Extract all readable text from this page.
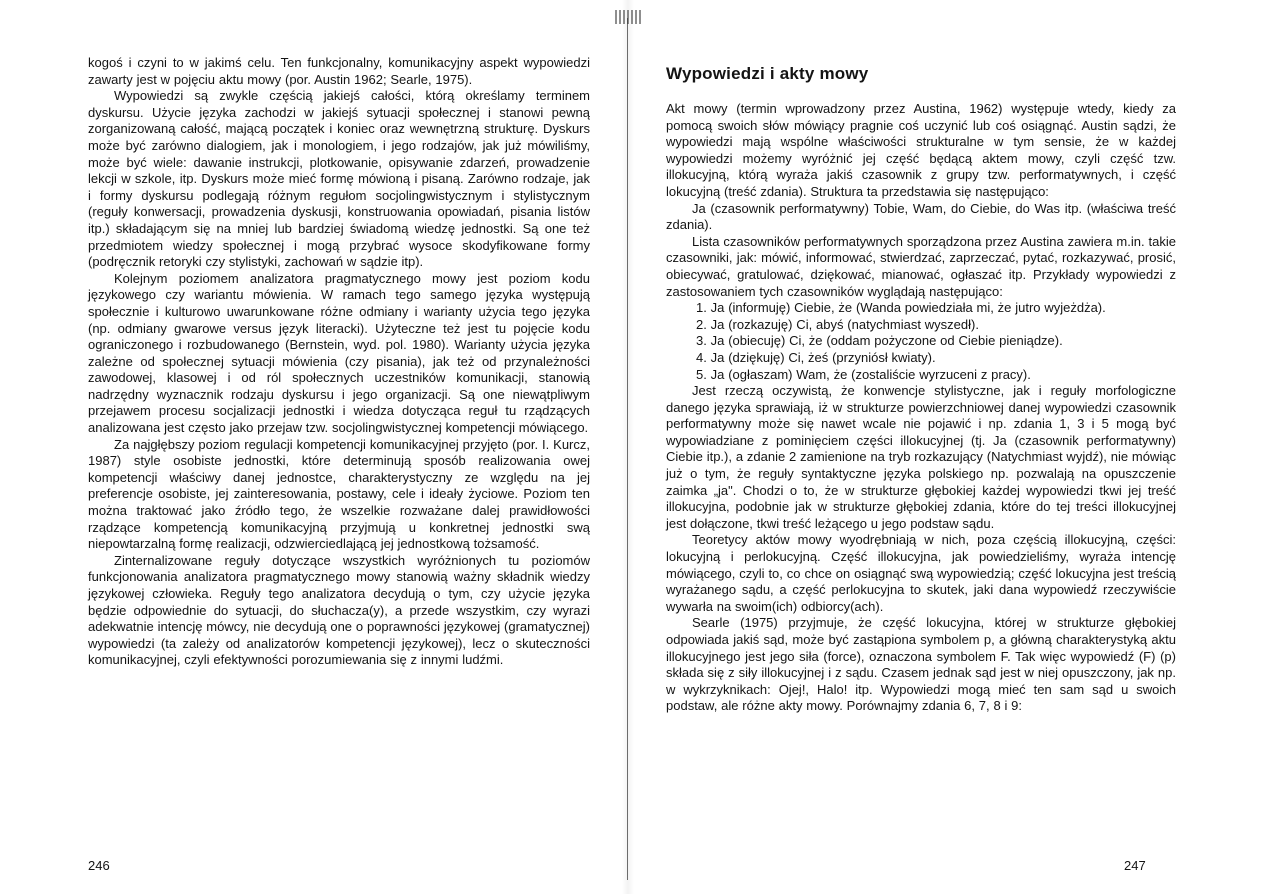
kogoś i czyni to w jakimś celu. Ten funkcjonalny, komunikacyjny aspekt wypowiedzi zawarty jest w pojęciu aktu mowy (por. Austin 1962; Searle, 1975).

Wypowiedzi są zwykle częścią jakiejś całości, którą określamy terminem dyskursu. Użycie języka zachodzi w jakiejś sytuacji społecznej i stanowi pewną zorganizowaną całość, mającą początek i koniec oraz wewnętrzną strukturę. Dyskurs może być zarówno dialogiem, jak i monologiem, i jego rodzajów, jak już mówiliśmy, może być wiele: dawanie instrukcji, plotkowanie, opisywanie zdarzeń, prowadzenie lekcji w szkole, itp. Dyskurs może mieć formę mówioną i pisaną. Zarówno rodzaje, jak i formy dyskursu podlegają różnym regułom socjolingwistycznym i stylistycznym (reguły konwersacji, prowadzenia dyskusji, konstruowania opowiadań, pisania listów itp.) składającym się na mniej lub bardziej świadomą wiedzę jednostki. Są one też przedmiotem wiedzy społecznej i mogą przybrać wysoce skodyfikowane formy (podręcznik retoryki czy stylistyki, zachowań w sądzie itp).

Kolejnym poziomem analizatora pragmatycznego mowy jest poziom kodu językowego czy wariantu mówienia. W ramach tego samego języka występują społecznie i kulturowo uwarunkowane różne odmiany i warianty użycia tego języka (np. odmiany gwarowe versus język literacki). Użyteczne też jest tu pojęcie kodu ograniczonego i rozbudowanego (Bernstein, wyd. pol. 1980). Warianty użycia języka zależne od społecznej sytuacji mówienia (czy pisania), jak też od przynależności zawodowej, klasowej i od ról społecznych uczestników komunikacji, stanowią nadrzędny wyznacznik rodzaju dyskursu i jego organizacji. Są one niewątpliwym przejawem procesu socjalizacji jednostki i wiedza dotycząca reguł tu rządzących analizowana jest często jako przejaw tzw. socjolingwistycznej kompetencji mówiącego.

Za najgłębszy poziom regulacji kompetencji komunikacyjnej przyjęto (por. I. Kurcz, 1987) style osobiste jednostki, które determinują sposób realizowania owej kompetencji właściwy danej jednostce, charakterystyczny ze względu na jej preferencje osobiste, jej zainteresowania, postawy, cele i ideały życiowe. Poziom ten można traktować jako źródło tego, że wszelkie rozważane dalej prawidłowości rządzące kompetencją komunikacyjną przyjmują u konkretnej jednostki swą niepowtarzalną formę realizacji, odzwierciedlającą jej jednostkową tożsamość.

Zinternalizowane reguły dotyczące wszystkich wyróżnionych tu poziomów funkcjonowania analizatora pragmatycznego mowy stanowią ważny składnik wiedzy językowej człowieka. Reguły tego analizatora decydują o tym, czy użycie języka będzie odpowiednie do sytuacji, do słuchacza(y), a przede wszystkim, czy wyrazi adekwatnie intencję mówcy, nie decydują one o poprawności językowej (gramatycznej) wypowiedzi (ta zależy od analizatorów kompetencji językowej), lecz o skuteczności komunikacyjnej, czyli efektywności porozumiewania się z innymi ludźmi.

246
Wypowiedzi i akty mowy

Akt mowy (termin wprowadzony przez Austina, 1962) występuje wtedy, kiedy za pomocą swoich słów mówiący pragnie coś uczynić lub coś osiągnąć. Austin sądzi, że wypowiedzi mają wspólne właściwości strukturalne w tym sensie, że w każdej wypowiedzi możemy wyróżnić jej część będącą aktem mowy, czyli część tzw. illokucyjną, którą wyraża jakiś czasownik z grupy tzw. performatywnych, i część lokucyjną (treść zdania). Struktura ta przedstawia się następująco:

Ja (czasownik performatywny) Tobie, Wam, do Ciebie, do Was itp. (właściwa treść zdania).

Lista czasowników performatywnych sporządzona przez Austina zawiera m.in. takie czasowniki, jak: mówić, informować, stwierdzać, zaprzeczać, pytać, rozkazywać, prosić, obiecywać, gratulować, dziękować, mianować, ogłaszać itp. Przykłady wypowiedzi z zastosowaniem tych czasowników wyglądają następująco:

1. Ja (informuję) Ciebie, że (Wanda powiedziała mi, że jutro wyjeżdża).
2. Ja (rozkazuję) Ci, abyś (natychmiast wyszedł).
3. Ja (obiecuję) Ci, że (oddam pożyczone od Ciebie pieniądze).
4. Ja (dziękuję) Ci, żeś (przyniósł kwiaty).
5. Ja (ogłaszam) Wam, że (zostaliście wyrzuceni z pracy).

Jest rzeczą oczywistą, że konwencje stylistyczne, jak i reguły morfologiczne danego języka sprawiają, iż w strukturze powierzchniowej danej wypowiedzi czasownik performatywny może się nawet wcale nie pojawić i np. zdania 1, 3 i 5 mogą być wypowiadziane z pominięciem części illokucyjnej (tj. Ja (czasownik performatywny) Ciebie itp.), a zdanie 2 zamienione na tryb rozkazujący (Natychmiast wyjdź), nie mówiąc już o tym, że reguły syntaktyczne języka polskiego np. pozwalają na opuszczenie zaimka „ja". Chodzi o to, że w strukturze głębokiej każdej wypowiedzi tkwi jej treść illokucyjna, podobnie jak w strukturze głębokiej zdania, które do tej treści illokucyjnej jest dołączone, tkwi treść leżącego u jego podstaw sądu.

Teoretycy aktów mowy wyodrębniają w nich, poza częścią illokucyjną, części: lokucyjną i perlokucyjną. Część illokucyjna, jak powiedzieliśmy, wyraża intencję mówiącego, czyli to, co chce on osiągnąć swą wypowiedzią; część lokucyjna jest treścią wyrażanego sądu, a część perlokucyjna to skutek, jaki dana wypowiedź rzeczywiście wywarła na swoim(ich) odbiorcy(ach).

Searle (1975) przyjmuje, że część lokucyjna, której w strukturze głębokiej odpowiada jakiś sąd, może być zastąpiona symbolem p, a główną charakterystyką aktu illokucyjnego jest jego siła (force), oznaczona symbolem F. Tak więc wypowiedź (F) (p) składa się z siły illokucyjnej i z sądu. Czasem jednak sąd jest w niej opuszczony, jak np. w wykrzyknikach: Ojej!, Halo! itp. Wypowiedzi mogą mieć ten sam sąd u swoich podstaw, ale różne akty mowy. Porównajmy zdania 6, 7, 8 i 9:

247
